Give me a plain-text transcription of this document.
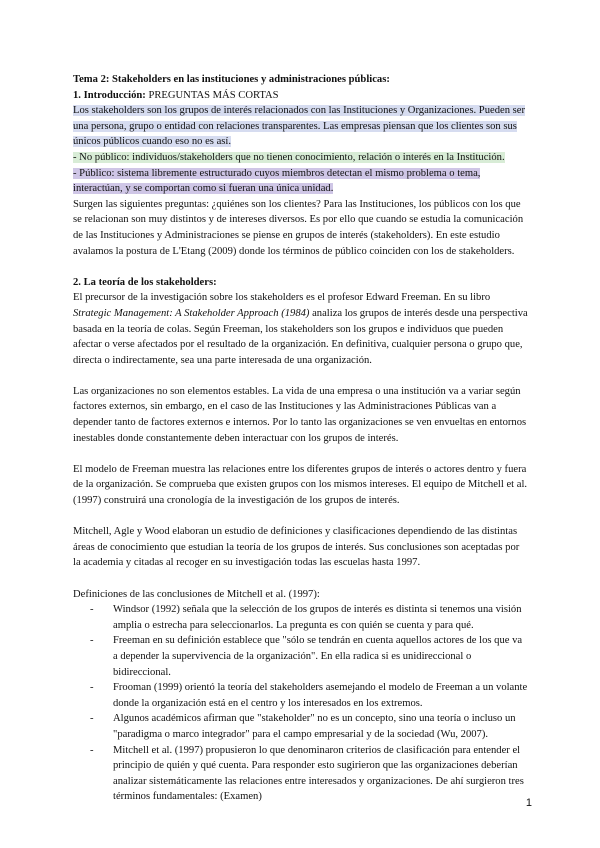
Tema 2: Stakeholders en las instituciones y administraciones públicas:

1. Introducción: PREGUNTAS MÁS CORTAS

Los stakeholders son los grupos de interés relacionados con las Instituciones y Organizaciones. Pueden ser una persona, grupo o entidad con relaciones transparentes. Las empresas piensan que los clientes son sus únicos públicos cuando eso no es así.

- No público: individuos/stakeholders que no tienen conocimiento, relación o interés en la Institución.

- Público: sistema libremente estructurado cuyos miembros detectan el mismo problema o tema, interactúan, y se comportan como si fueran una única unidad.

Surgen las siguientes preguntas: ¿quiénes son los clientes? Para las Instituciones, los públicos con los que se relacionan son muy distintos y de intereses diversos. Es por ello que cuando se estudia la comunicación de las Instituciones y Administraciones se piense en grupos de interés (stakeholders). En este estudio avalamos la postura de L'Etang (2009) donde los términos de público coinciden con los de stakeholders.

2. La teoría de los stakeholders:

El precursor de la investigación sobre los stakeholders es el profesor Edward Freeman. En su libro Strategic Management: A Stakeholder Approach (1984) analiza los grupos de interés desde una perspectiva basada en la teoría de colas. Según Freeman, los stakeholders son los grupos e individuos que pueden afectar o verse afectados por el resultado de la organización. En definitiva, cualquier persona o grupo que, directa o indirectamente, sea una parte interesada de una organización.

Las organizaciones no son elementos estables. La vida de una empresa o una institución va a variar según factores externos, sin embargo, en el caso de las Instituciones y las Administraciones Públicas van a depender tanto de factores externos e internos. Por lo tanto las organizaciones se ven envueltas en entornos inestables donde constantemente deben interactuar con los grupos de interés.

El modelo de Freeman muestra las relaciones entre los diferentes grupos de interés o actores dentro y fuera de la organización. Se comprueba que existen grupos con los mismos intereses. El equipo de Mitchell et al. (1997) construirá una cronología de la investigación de los grupos de interés.

Mitchell, Agle y Wood elaboran un estudio de definiciones y clasificaciones dependiendo de las distintas áreas de conocimiento que estudian la teoría de los grupos de interés. Sus conclusiones son aceptadas por la academia y citadas al recoger en su investigación todas las escuelas hasta 1997.

Definiciones de las conclusiones de Mitchell et al. (1997):

- Windsor (1992) señala que la selección de los grupos de interés es distinta si tenemos una visión amplia o estrecha para seleccionarlos. La pregunta es con quién se cuenta y para qué.
- Freeman en su definición establece que "sólo se tendrán en cuenta aquellos actores de los que va a depender la supervivencia de la organización". En ella radica si es unidireccional o bidireccional.
- Frooman (1999) orientó la teoría del stakeholders asemejando el modelo de Freeman a un volante donde la organización está en el centro y los interesados en los extremos.
- Algunos académicos afirman que "stakeholder" no es un concepto, sino una teoría o incluso un "paradigma o marco integrador" para el campo empresarial y de la sociedad (Wu, 2007).
- Mitchell et al. (1997) propusieron lo que denominaron criterios de clasificación para entender el principio de quién y qué cuenta. Para responder esto sugirieron que las organizaciones deberían analizar sistemáticamente las relaciones entre interesados y organizaciones. De ahí surgieron tres términos fundamentales: (Examen)
1
